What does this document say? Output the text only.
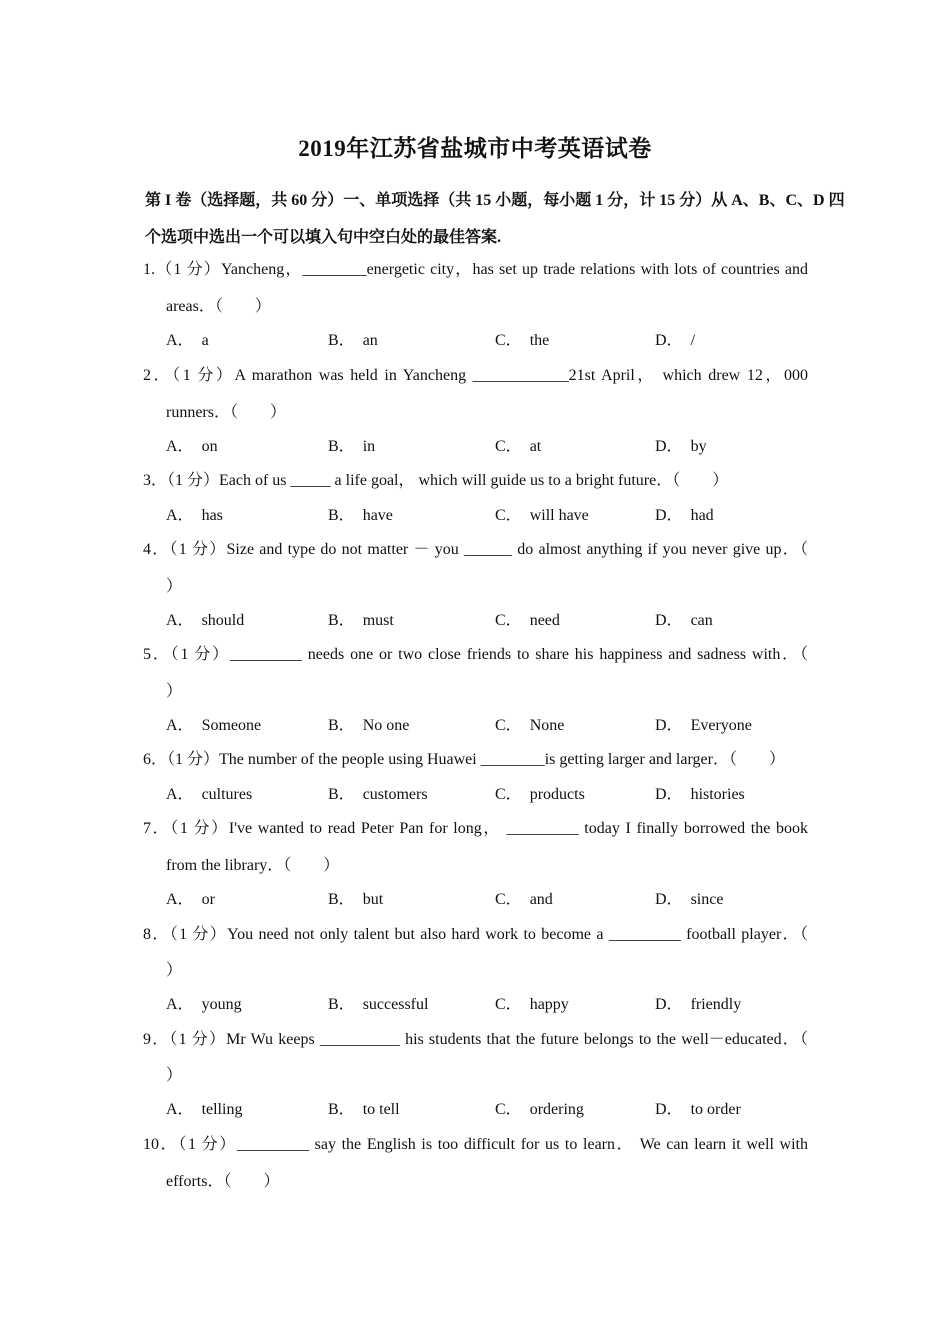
2019年江苏省盐城市中考英语试卷
第 I 卷（选择题，共 60 分）一、单项选择（共 15 小题，每小题 1 分，计 15 分）从 A、B、C、D 四
个选项中选出一个可以填入句中空白处的最佳答案.
1.（1 分）Yancheng，________energetic city，has set up trade relations with lots of countries and
areas．（　　）
A． a	B． an	C． the	D． /
2．（1 分）A marathon was held in Yancheng ____________21st April， which drew 12，000
runners．（　　）
A． on	B． in	C． at	D． by
3．（1 分）Each of us _____ a life goal， which will guide us to a bright future．（　　）
A． has	B． have	C． will have	D． had
4．（1 分）Size and type do not matter － you ______ do almost anything if you never give up．（
）
A． should	B． must	C． need	D． can
5．（1 分）_________ needs one or two close friends to share his happiness and sadness with．（
）
A． Someone	B． No one	C． None	D． Everyone
6．（1 分）The number of the people using Huawei ________is getting larger and larger．（　　）
A． cultures	B． customers	C． products	D． histories
7．（1 分）I've wanted to read Peter Pan for long， _________ today I finally borrowed the book
from the library．（　　）
A． or	B． but	C． and	D． since
8．（1 分）You need not only talent but also hard work to become a _________ football player．（
）
A． young	B． successful	C． happy	D． friendly
9．（1 分）Mr Wu keeps __________ his students that the future belongs to the well－educated．（
）
A． telling	B． to tell	C． ordering	D． to order
10．（1 分）_________ say the English is too difficult for us to learn． We can learn it well with
efforts．（　　）
